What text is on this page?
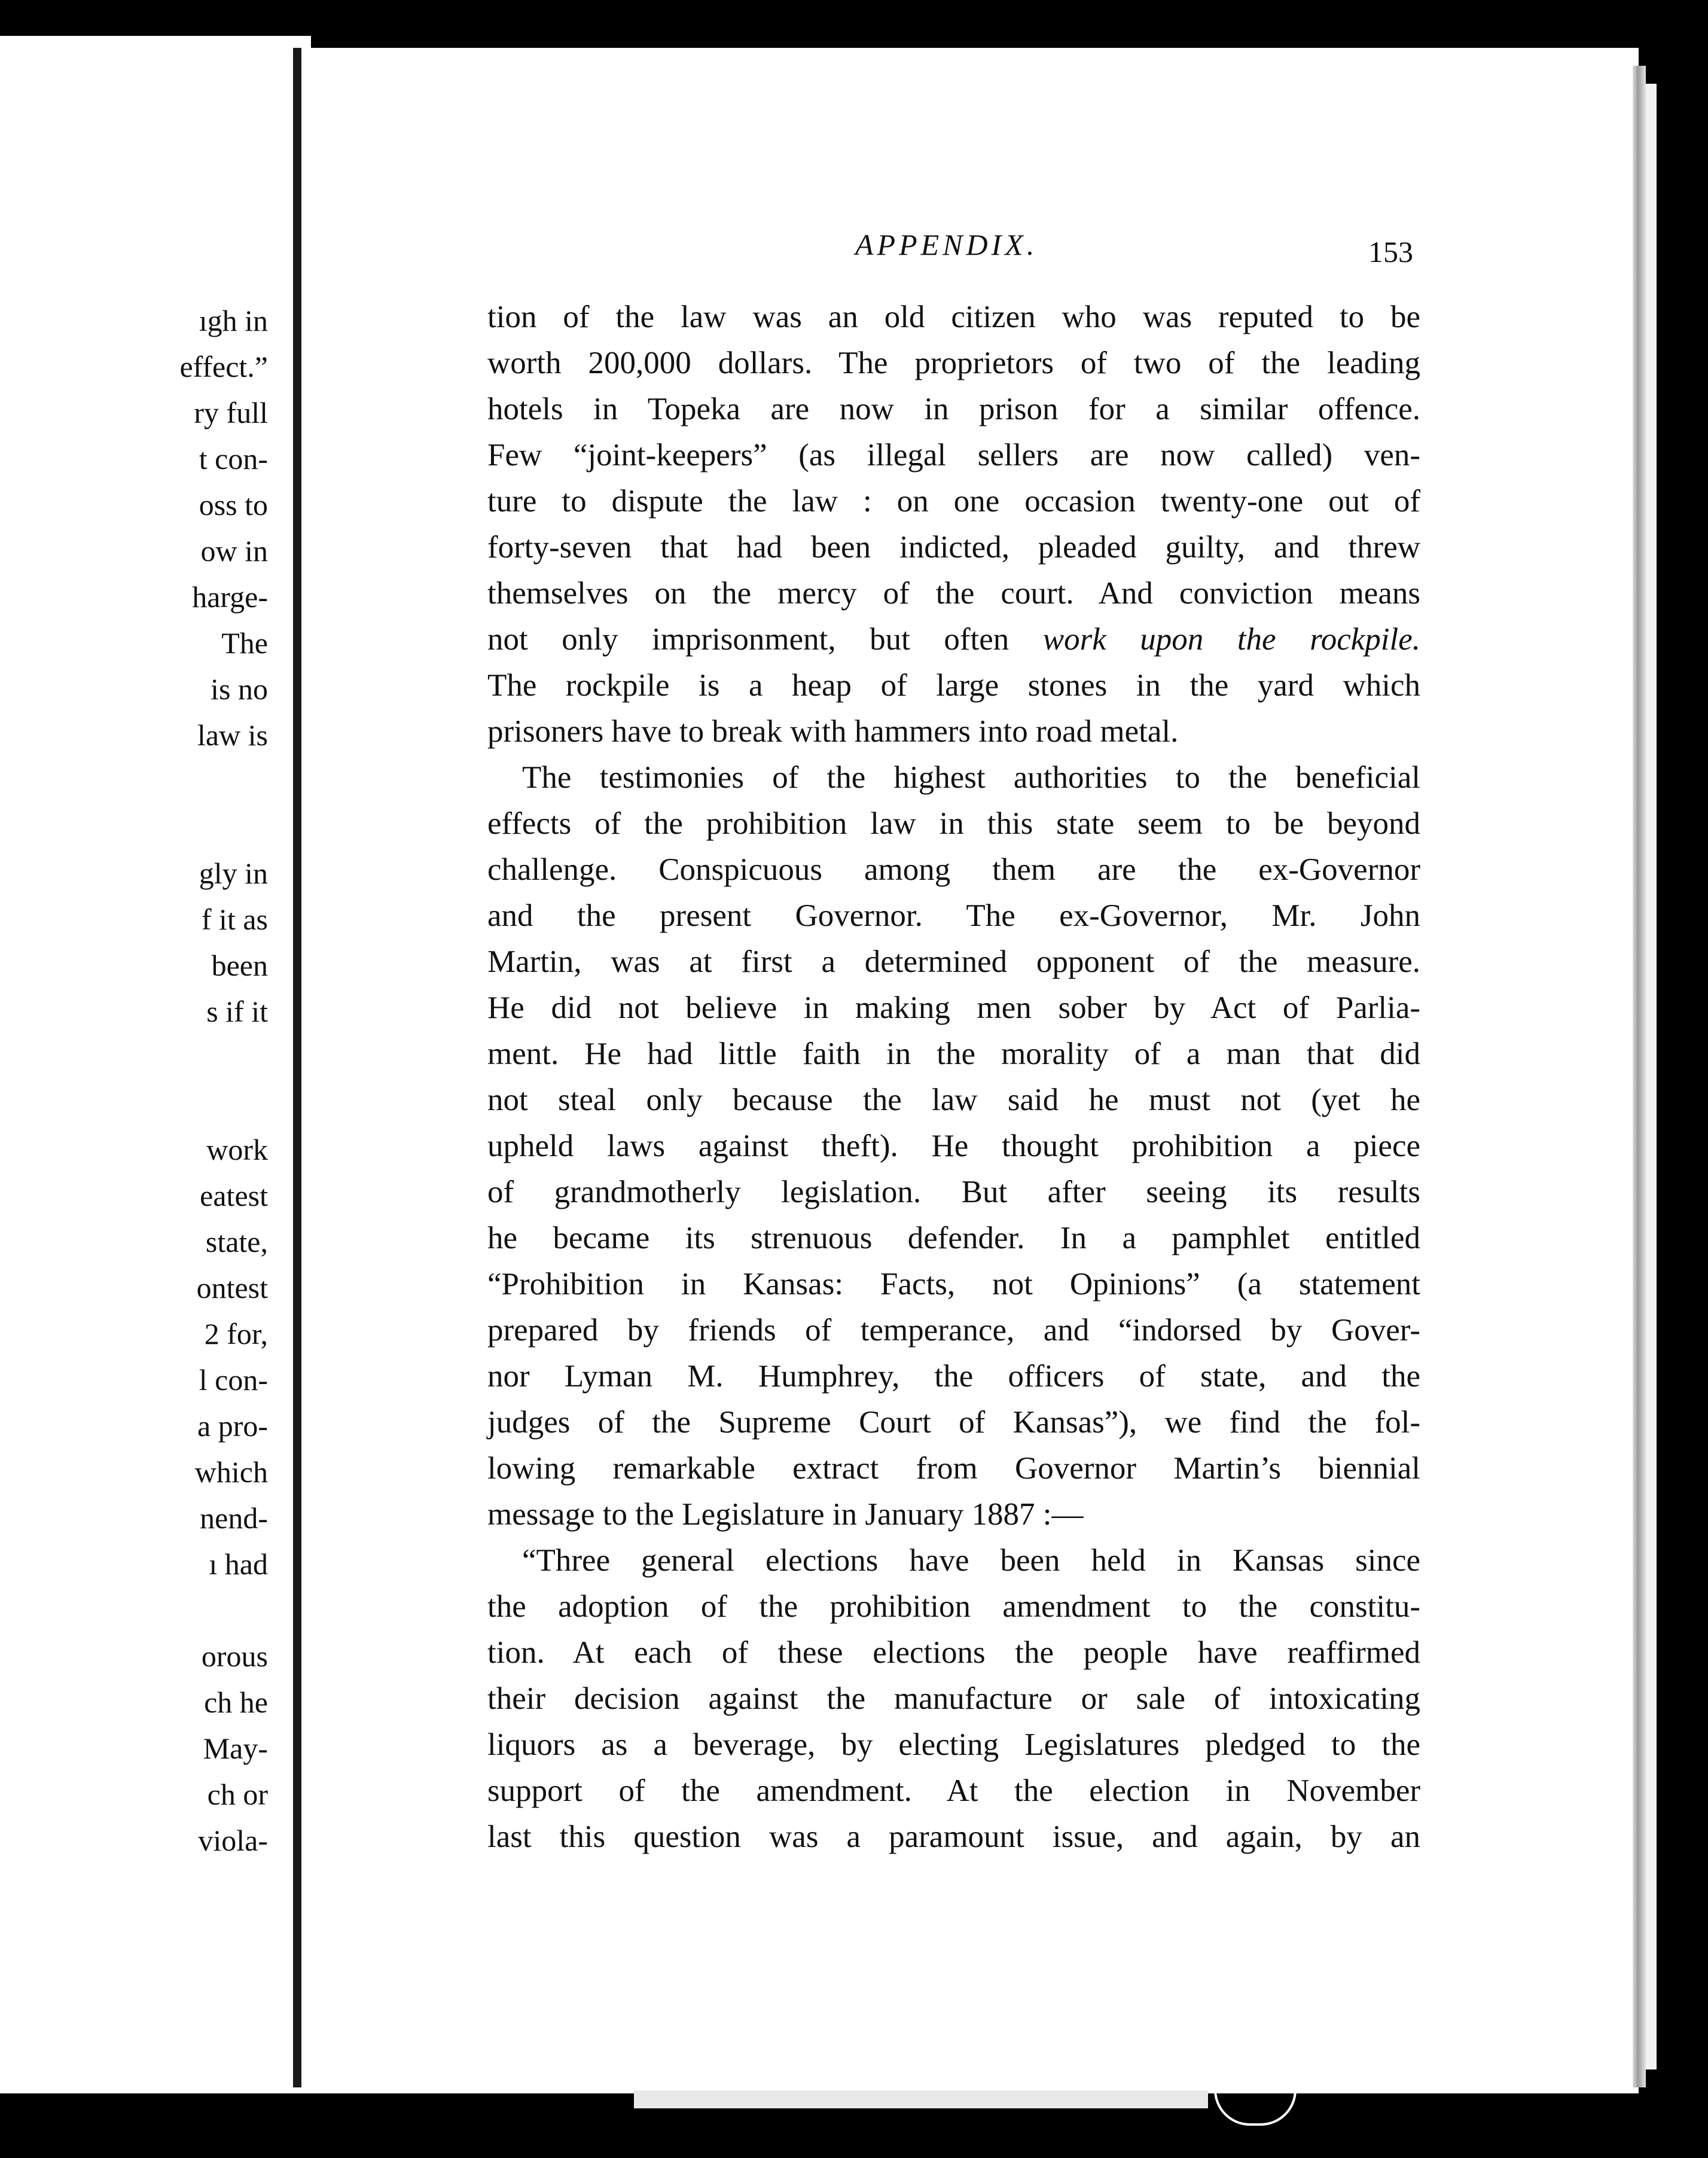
ıgh in
effect.”
ry full
t con-
oss to
ow in
harge-
The
is no
law is
gly in
f it as
been
s if it
work
eatest
state,
ontest
2 for,
l con-
a pro-
which
nend-
ı had
orous
ch he
May-
ch or
viola-
APPENDIX.	153
tion of the law was an old citizen who was reputed to be
worth 200,000 dollars. The proprietors of two of the leading
hotels in Topeka are now in prison for a similar offence.
Few “joint-keepers” (as illegal sellers are now called) ven-
ture to dispute the law : on one occasion twenty-one out of
forty-seven that had been indicted, pleaded guilty, and threw
themselves on the mercy of the court. And conviction means
not only imprisonment, but often work upon the rockpile.
The rockpile is a heap of large stones in the yard which
prisoners have to break with hammers into road metal.
The testimonies of the highest authorities to the beneficial
effects of the prohibition law in this state seem to be beyond
challenge. Conspicuous among them are the ex-Governor
and the present Governor. The ex-Governor, Mr. John
Martin, was at first a determined opponent of the measure.
He did not believe in making men sober by Act of Parlia-
ment. He had little faith in the morality of a man that did
not steal only because the law said he must not (yet he
upheld laws against theft). He thought prohibition a piece
of grandmotherly legislation. But after seeing its results
he became its strenuous defender. In a pamphlet entitled
“Prohibition in Kansas: Facts, not Opinions” (a statement
prepared by friends of temperance, and “indorsed by Gover-
nor Lyman M. Humphrey, the officers of state, and the
judges of the Supreme Court of Kansas”), we find the fol-
lowing remarkable extract from Governor Martin’s biennial
message to the Legislature in January 1887 :—
“Three general elections have been held in Kansas since
the adoption of the prohibition amendment to the constitu-
tion. At each of these elections the people have reaffirmed
their decision against the manufacture or sale of intoxicating
liquors as a beverage, by electing Legislatures pledged to the
support of the amendment. At the election in November
last this question was a paramount issue, and again, by an
